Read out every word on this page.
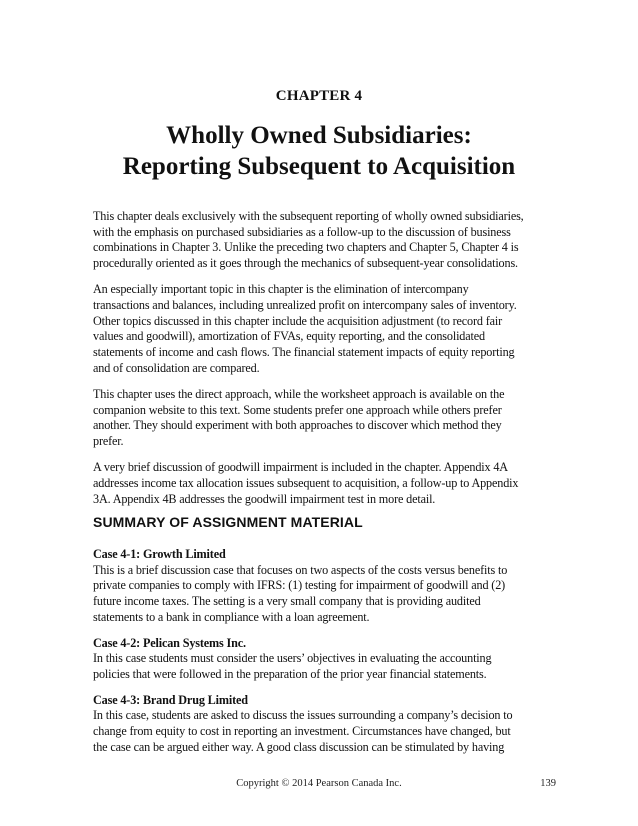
CHAPTER 4
Wholly Owned Subsidiaries:
Reporting Subsequent to Acquisition
This chapter deals exclusively with the subsequent reporting of wholly owned subsidiaries,
with the emphasis on purchased subsidiaries as a follow-up to the discussion of business
combinations in Chapter 3. Unlike the preceding two chapters and Chapter 5, Chapter 4 is
procedurally oriented as it goes through the mechanics of subsequent-year consolidations.
An especially important topic in this chapter is the elimination of intercompany
transactions and balances, including unrealized profit on intercompany sales of inventory.
Other topics discussed in this chapter include the acquisition adjustment (to record fair
values and goodwill), amortization of FVAs, equity reporting, and the consolidated
statements of income and cash flows. The financial statement impacts of equity reporting
and of consolidation are compared.
This chapter uses the direct approach, while the worksheet approach is available on the
companion website to this text. Some students prefer one approach while others prefer
another. They should experiment with both approaches to discover which method they
prefer.
A very brief discussion of goodwill impairment is included in the chapter. Appendix 4A
addresses income tax allocation issues subsequent to acquisition, a follow-up to Appendix
3A. Appendix 4B addresses the goodwill impairment test in more detail.
SUMMARY OF ASSIGNMENT MATERIAL
Case 4-1: Growth Limited
This is a brief discussion case that focuses on two aspects of the costs versus benefits to
private companies to comply with IFRS: (1) testing for impairment of goodwill and (2)
future income taxes. The setting is a very small company that is providing audited
statements to a bank in compliance with a loan agreement.
Case 4-2: Pelican Systems Inc.
In this case students must consider the users’ objectives in evaluating the accounting
policies that were followed in the preparation of the prior year financial statements.
Case 4-3: Brand Drug Limited
In this case, students are asked to discuss the issues surrounding a company’s decision to
change from equity to cost in reporting an investment. Circumstances have changed, but
the case can be argued either way. A good class discussion can be stimulated by having
Copyright © 2014 Pearson Canada Inc.	139
